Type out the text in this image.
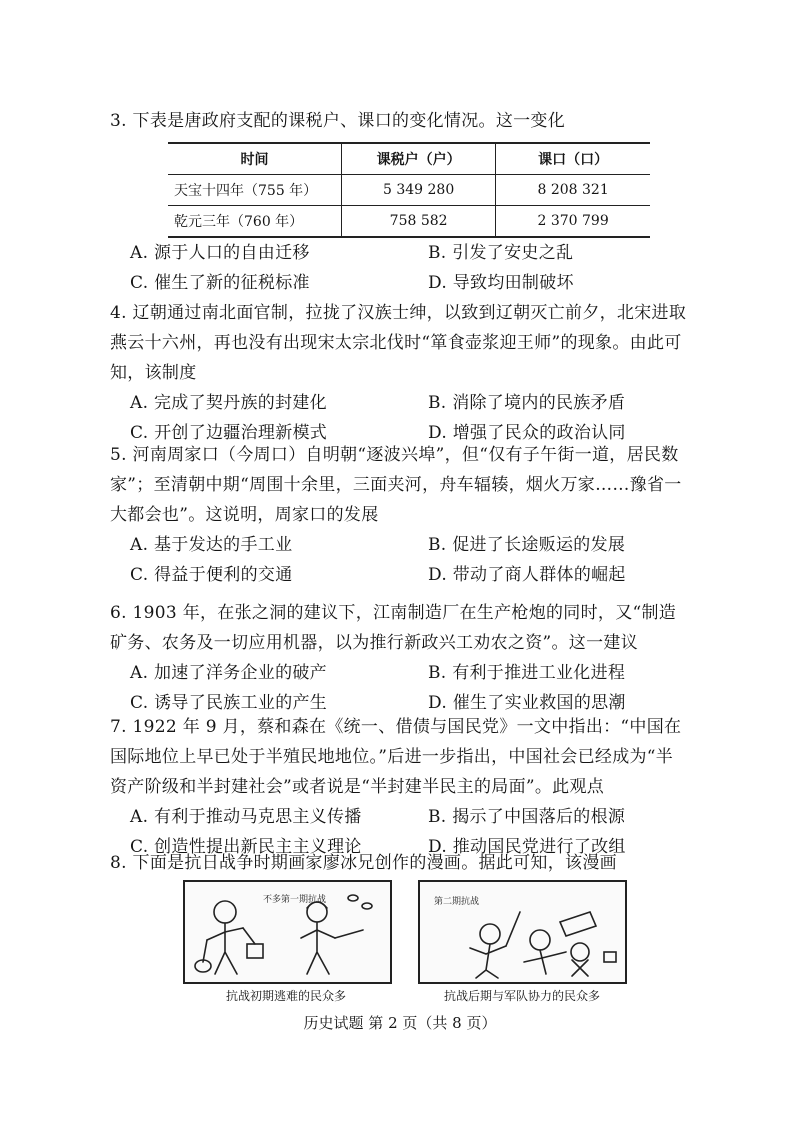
3. 下表是唐政府支配的课税户、课口的变化情况。这一变化
时间	课税户（户）	课口（口）
天宝十四年（755 年）	5 349 280	8 208 321
乾元三年（760 年）	758 582	2 370 799
A. 源于人口的自由迁移	B. 引发了安史之乱
C. 催生了新的征税标准	D. 导致均田制破坏
4. 辽朝通过南北面官制，拉拢了汉族士绅，以致到辽朝灭亡前夕，北宋进取燕云十六州，再也没有出现宋太宗北伐时“箪食壶浆迎王师”的现象。由此可知，该制度
A. 完成了契丹族的封建化	B. 消除了境内的民族矛盾
C. 开创了边疆治理新模式	D. 增强了民众的政治认同
5. 河南周家口（今周口）自明朝“逐波兴埠”，但“仅有子午街一道，居民数家”；至清朝中期“周围十余里，三面夹河，舟车辐辏，烟火万家……豫省一大都会也”。这说明，周家口的发展
A. 基于发达的手工业	B. 促进了长途贩运的发展
C. 得益于便利的交通	D. 带动了商人群体的崛起
6. 1903 年，在张之洞的建议下，江南制造厂在生产枪炮的同时，又“制造矿务、农务及一切应用机器，以为推行新政兴工劝农之资”。这一建议
A. 加速了洋务企业的破产	B. 有利于推进工业化进程
C. 诱导了民族工业的产生	D. 催生了实业救国的思潮
7. 1922 年 9 月，蔡和森在《统一、借债与国民党》一文中指出：“中国在国际地位上早已处于半殖民地地位。”后进一步指出，中国社会已经成为“半资产阶级和半封建社会”或者说是“半封建半民主的局面”。此观点
A. 有利于推动马克思主义传播	B. 揭示了中国落后的根源
C. 创造性提出新民主主义理论	D. 推动国民党进行了改组
8. 下面是抗日战争时期画家廖冰兄创作的漫画。据此可知，该漫画
不多第一期抗战	第二期抗战
抗战初期逃难的民众多	抗战后期与军队协力的民众多
历史试题 第 2 页（共 8 页）
